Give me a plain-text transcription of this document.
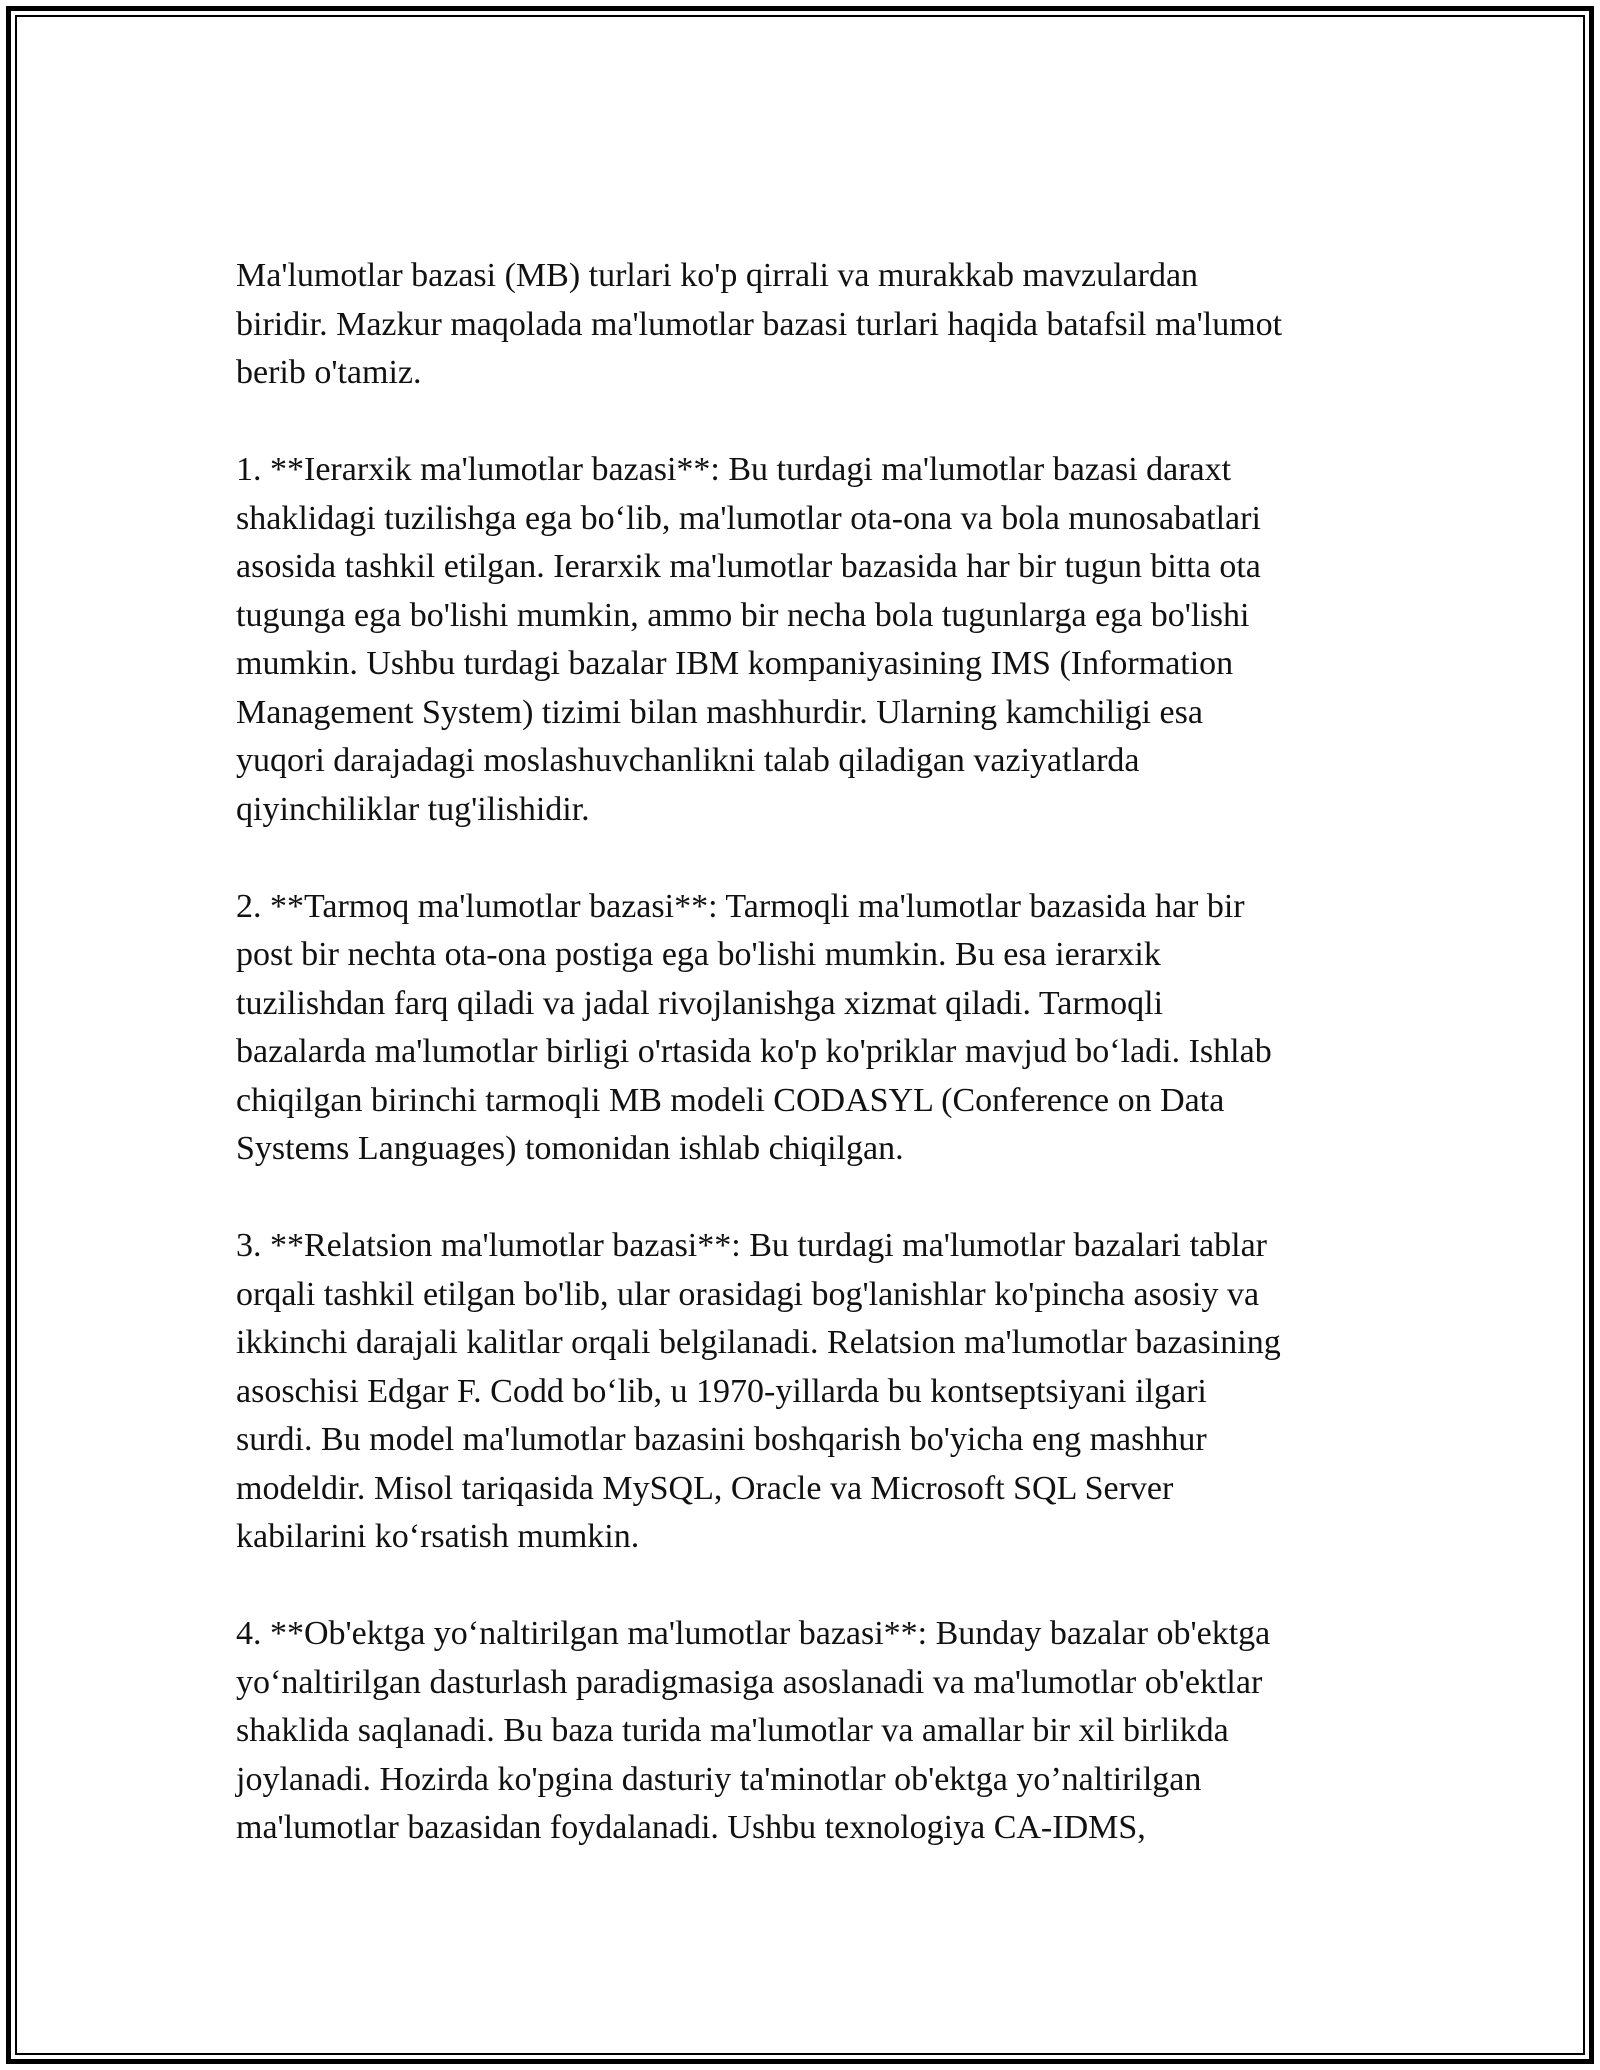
Ma'lumotlar bazasi (MB) turlari ko'p qirrali va murakkab mavzulardan
biridir. Mazkur maqolada ma'lumotlar bazasi turlari haqida batafsil ma'lumot
berib o'tamiz.

1. **Ierarxik ma'lumotlar bazasi**: Bu turdagi ma'lumotlar bazasi daraxt
shaklidagi tuzilishga ega bo‘lib, ma'lumotlar ota-ona va bola munosabatlari
asosida tashkil etilgan. Ierarxik ma'lumotlar bazasida har bir tugun bitta ota
tugunga ega bo'lishi mumkin, ammo bir necha bola tugunlarga ega bo'lishi
mumkin. Ushbu turdagi bazalar IBM kompaniyasining IMS (Information
Management System) tizimi bilan mashhurdir. Ularning kamchiligi esa
yuqori darajadagi moslashuvchanlikni talab qiladigan vaziyatlarda
qiyinchiliklar tug'ilishidir.

2. **Tarmoq ma'lumotlar bazasi**: Tarmoqli ma'lumotlar bazasida har bir
post bir nechta ota-ona postiga ega bo'lishi mumkin. Bu esa ierarxik
tuzilishdan farq qiladi va jadal rivojlanishga xizmat qiladi. Tarmoqli
bazalarda ma'lumotlar birligi o'rtasida ko'p ko'priklar mavjud bo‘ladi. Ishlab
chiqilgan birinchi tarmoqli MB modeli CODASYL (Conference on Data
Systems Languages) tomonidan ishlab chiqilgan.

3. **Relatsion ma'lumotlar bazasi**: Bu turdagi ma'lumotlar bazalari tablar
orqali tashkil etilgan bo'lib, ular orasidagi bog'lanishlar ko'pincha asosiy va
ikkinchi darajali kalitlar orqali belgilanadi. Relatsion ma'lumotlar bazasining
asoschisi Edgar F. Codd bo‘lib, u 1970-yillarda bu kontseptsiyani ilgari
surdi. Bu model ma'lumotlar bazasini boshqarish bo'yicha eng mashhur
modeldir. Misol tariqasida MySQL, Oracle va Microsoft SQL Server
kabilarini ko‘rsatish mumkin.

4. **Ob'ektga yo‘naltirilgan ma'lumotlar bazasi**: Bunday bazalar ob'ektga
yo‘naltirilgan dasturlash paradigmasiga asoslanadi va ma'lumotlar ob'ektlar
shaklida saqlanadi. Bu baza turida ma'lumotlar va amallar bir xil birlikda
joylanadi. Hozirda ko'pgina dasturiy ta'minotlar ob'ektga yo’naltirilgan
ma'lumotlar bazasidan foydalanadi. Ushbu texnologiya CA-IDMS,
